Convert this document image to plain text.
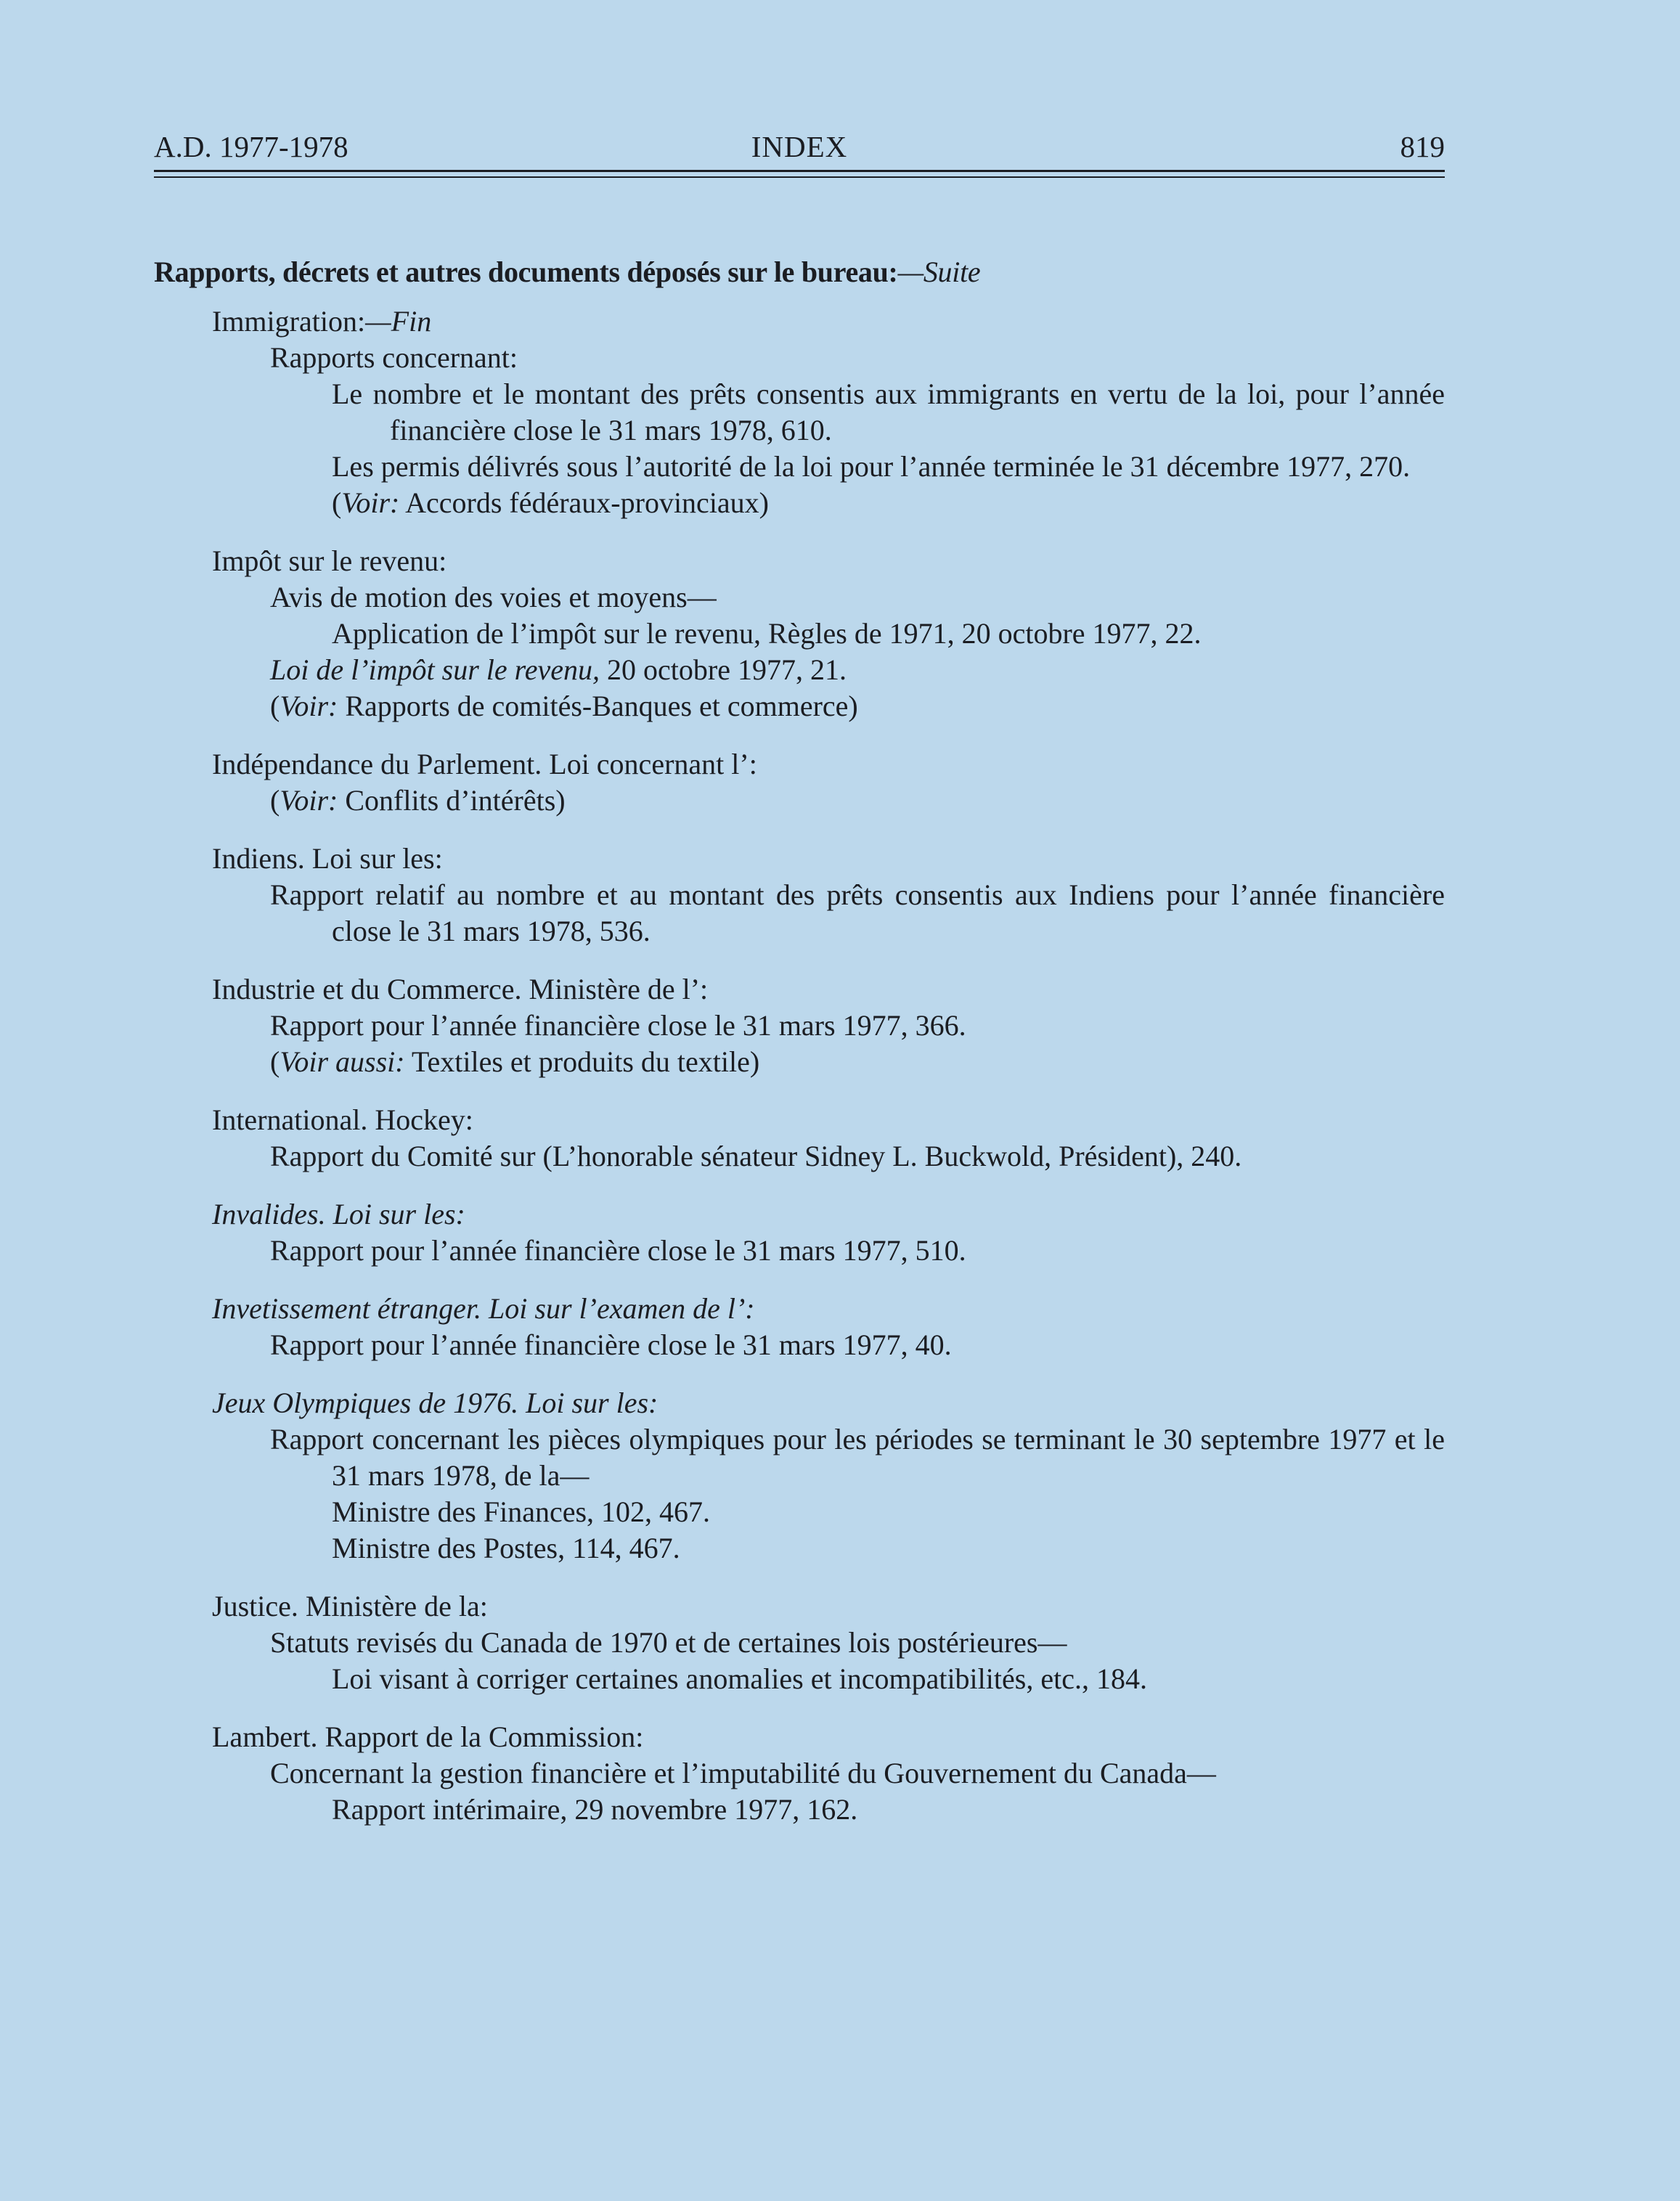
A.D. 1977-1978	INDEX	819
Rapports, décrets et autres documents déposés sur le bureau:—Suite
Immigration:—Fin
Rapports concernant:
Le nombre et le montant des prêts consentis aux immigrants en vertu de la loi, pour l’année financière close le 31 mars 1978, 610.
Les permis délivrés sous l’autorité de la loi pour l’année terminée le 31 décembre 1977, 270.
(Voir: Accords fédéraux-provinciaux)
Impôt sur le revenu:
Avis de motion des voies et moyens—
Application de l’impôt sur le revenu, Règles de 1971, 20 octobre 1977, 22.
Loi de l’impôt sur le revenu, 20 octobre 1977, 21.
(Voir: Rapports de comités-Banques et commerce)
Indépendance du Parlement. Loi concernant l’:
(Voir: Conflits d’intérêts)
Indiens. Loi sur les:
Rapport relatif au nombre et au montant des prêts consentis aux Indiens pour l’année financière close le 31 mars 1978, 536.
Industrie et du Commerce. Ministère de l’:
Rapport pour l’année financière close le 31 mars 1977, 366.
(Voir aussi: Textiles et produits du textile)
International. Hockey:
Rapport du Comité sur (L’honorable sénateur Sidney L. Buckwold, Président), 240.
Invalides. Loi sur les:
Rapport pour l’année financière close le 31 mars 1977, 510.
Invetissement étranger. Loi sur l’examen de l’:
Rapport pour l’année financière close le 31 mars 1977, 40.
Jeux Olympiques de 1976. Loi sur les:
Rapport concernant les pièces olympiques pour les périodes se terminant le 30 septembre 1977 et le 31 mars 1978, de la—
Ministre des Finances, 102, 467.
Ministre des Postes, 114, 467.
Justice. Ministère de la:
Statuts revisés du Canada de 1970 et de certaines lois postérieures—
Loi visant à corriger certaines anomalies et incompatibilités, etc., 184.
Lambert. Rapport de la Commission:
Concernant la gestion financière et l’imputabilité du Gouvernement du Canada—
Rapport intérimaire, 29 novembre 1977, 162.
